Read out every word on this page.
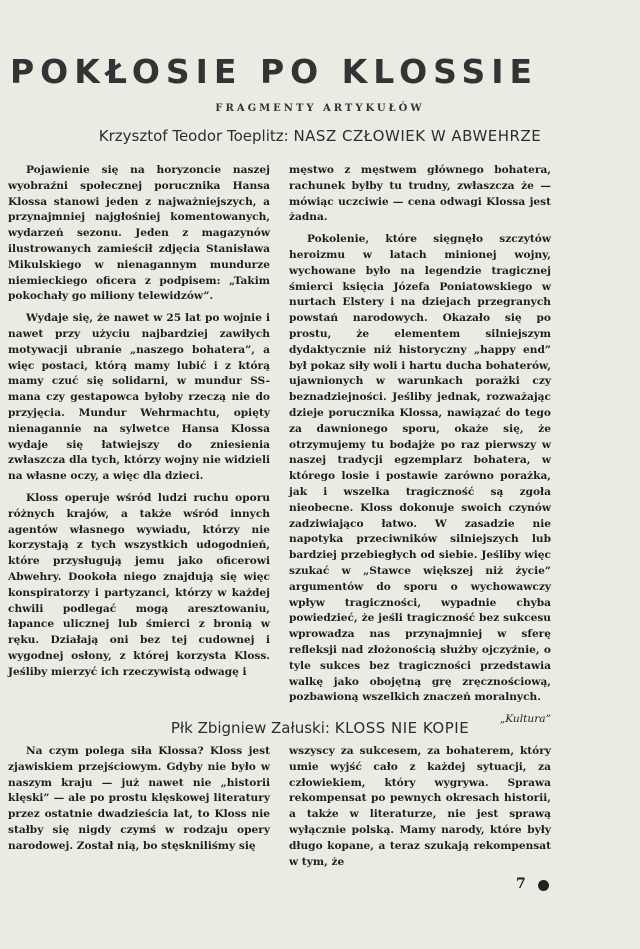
POKŁOSIE PO KLOSSIE
FRAGMENTY ARTYKUŁÓW
Krzysztof Teodor Toeplitz: NASZ CZŁOWIEK W ABWEHRZE

Pojawienie się na horyzoncie naszej wyobraźni społecznej porucznika Hansa Klossa stanowi jeden z najważniejszych, a przynajmniej najgłośniej komentowanych, wydarzeń sezonu. Jeden z magazynów ilustrowanych zamieścił zdjęcia Stanisława Mikulskiego w nienagannym mundurze niemieckiego oficera z podpisem: „Takim pokochały go miliony telewidzów”.

Wydaje się, że nawet w 25 lat po wojnie i nawet przy użyciu najbardziej zawiłych motywacji ubranie „naszego bohatera”, a więc postaci, którą mamy lubić i z którą mamy czuć się solidarni, w mundur SS-mana czy gestapowca byłoby rzeczą nie do przyjęcia. Mundur Wehrmachtu, opięty nienagannie na sylwetce Hansa Klossa wydaje się łatwiejszy do zniesienia zwłaszcza dla tych, którzy wojny nie widzieli na własne oczy, a więc dla dzieci.

Kloss operuje wśród ludzi ruchu oporu różnych krajów, a także wśród innych agentów własnego wywiadu, którzy nie korzystają z tych wszystkich udogodnień, które przysługują jemu jako oficerowi Abwehry. Dookoła niego znajdują się więc konspiratorzy i partyzanci, którzy w każdej chwili podlegać mogą aresztowaniu, łapance ulicznej lub śmierci z bronią w ręku. Działają oni bez tej cudownej i wygodnej osłony, z której korzysta Kloss. Jeśliby mierzyć ich rzeczywistą odwagę i

męstwo z męstwem głównego bohatera, rachunek byłby tu trudny, zwłaszcza że — mówiąc uczciwie — cena odwagi Klossa jest żadna.

Pokolenie, które sięgnęło szczytów heroizmu w latach minionej wojny, wychowane było na legendzie tragicznej śmierci księcia Józefa Poniatowskiego w nurtach Elstery i na dziejach przegranych powstań narodowych. Okazało się po prostu, że elementem silniejszym dydaktycznie niż historyczny „happy end” był pokaz siły woli i hartu ducha bohaterów, ujawnionych w warunkach porażki czy beznadziejności. Jeśliby jednak, rozważając dzieje porucznika Klossa, nawiązać do tego za dawnionego sporu, okaże się, że otrzymujemy tu bodajże po raz pierwszy w naszej tradycji egzemplarz bohatera, w którego losie i postawie zarówno porażka, jak i wszelka tragiczność są zgoła nieobecne. Kloss dokonuje swoich czynów zadziwiająco łatwo. W zasadzie nie napotyka przeciwników silniejszych lub bardziej przebiegłych od siebie. Jeśliby więc szukać w „Stawce większej niż życie” argumentów do sporu o wychowawczy wpływ tragiczności, wypadnie chyba powiedzieć, że jeśli tragiczność bez sukcesu wprowadza nas przynajmniej w sferę refleksji nad złożonością służby ojczyźnie, o tyle sukces bez tragiczności przedstawia walkę jako obojętną grę zręcznościową, pozbawioną wszelkich znaczeń moralnych.

„Kultura”

Płk Zbigniew Załuski: KLOSS NIE KOPIE

Na czym polega siła Klossa? Kloss jest zjawiskiem przejściowym. Gdyby nie było w naszym kraju — już nawet nie „historii klęski” — ale po prostu klęskowej literatury przez ostatnie dwadzieścia lat, to Kloss nie stałby się nigdy czymś w rodzaju opery narodowej. Został nią, bo stęskniliśmy się

wszyscy za sukcesem, za bohaterem, który umie wyjść cało z każdej sytuacji, za człowiekiem, który wygrywa. Sprawa rekompensat po pewnych okresach historii, a także w literaturze, nie jest sprawą wyłącznie polską. Mamy narody, które były długo kopane, a teraz szukają rekompensat w tym, że

7
